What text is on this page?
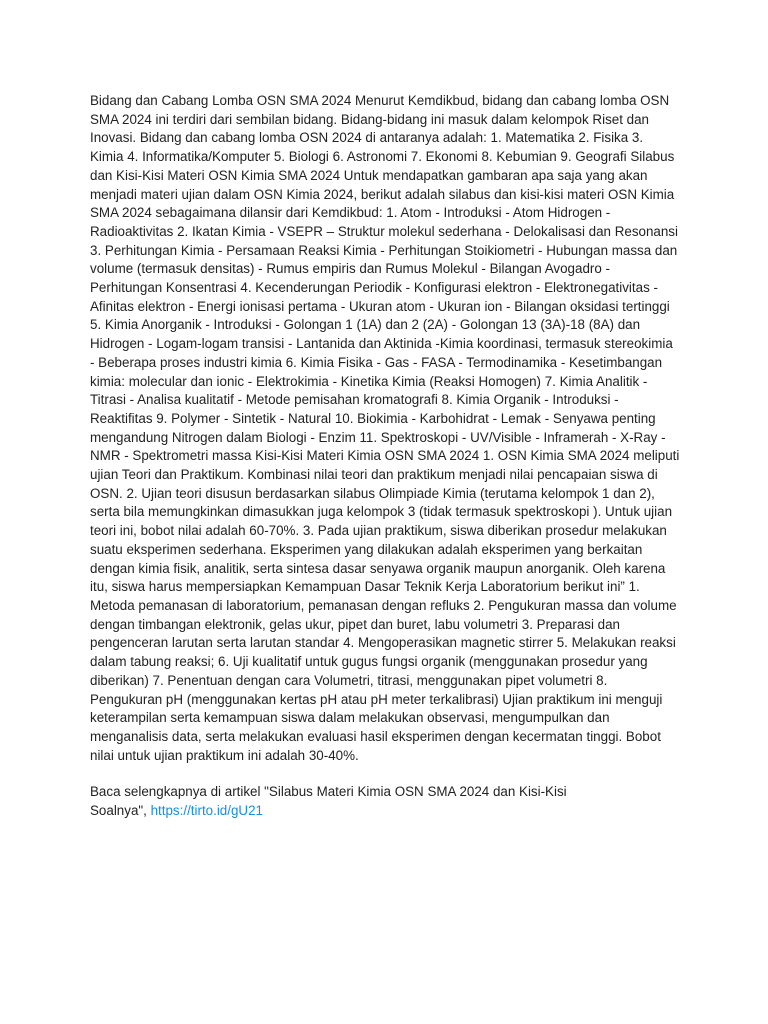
Bidang dan Cabang Lomba OSN SMA 2024 Menurut Kemdikbud, bidang dan cabang lomba OSN SMA 2024 ini terdiri dari sembilan bidang. Bidang-bidang ini masuk dalam kelompok Riset dan Inovasi. Bidang dan cabang lomba OSN 2024 di antaranya adalah: 1. Matematika 2. Fisika 3. Kimia 4. Informatika/Komputer 5. Biologi 6. Astronomi 7. Ekonomi 8. Kebumian 9. Geografi Silabus dan Kisi-Kisi Materi OSN Kimia SMA 2024 Untuk mendapatkan gambaran apa saja yang akan menjadi materi ujian dalam OSN Kimia 2024, berikut adalah silabus dan kisi-kisi materi OSN Kimia SMA 2024 sebagaimana dilansir dari Kemdikbud: 1. Atom - Introduksi - Atom Hidrogen - Radioaktivitas 2. Ikatan Kimia - VSEPR – Struktur molekul sederhana - Delokalisasi dan Resonansi 3. Perhitungan Kimia - Persamaan Reaksi Kimia - Perhitungan Stoikiometri - Hubungan massa dan volume (termasuk densitas) - Rumus empiris dan Rumus Molekul - Bilangan Avogadro - Perhitungan Konsentrasi 4. Kecenderungan Periodik - Konfigurasi elektron - Elektronegativitas - Afinitas elektron - Energi ionisasi pertama - Ukuran atom - Ukuran ion - Bilangan oksidasi tertinggi 5. Kimia Anorganik - Introduksi - Golongan 1 (1A) dan 2 (2A) - Golongan 13 (3A)-18 (8A) dan Hidrogen - Logam-logam transisi - Lantanida dan Aktinida -Kimia koordinasi, termasuk stereokimia - Beberapa proses industri kimia 6. Kimia Fisika - Gas - FASA - Termodinamika - Kesetimbangan kimia: molecular dan ionic - Elektrokimia - Kinetika Kimia (Reaksi Homogen) 7. Kimia Analitik - Titrasi - Analisa kualitatif - Metode pemisahan kromatografi 8. Kimia Organik - Introduksi - Reaktifitas 9. Polymer - Sintetik - Natural 10. Biokimia - Karbohidrat - Lemak - Senyawa penting mengandung Nitrogen dalam Biologi - Enzim 11. Spektroskopi - UV/Visible - Inframerah - X-Ray - NMR - Spektrometri massa Kisi-Kisi Materi Kimia OSN SMA 2024 1. OSN Kimia SMA 2024 meliputi ujian Teori dan Praktikum. Kombinasi nilai teori dan praktikum menjadi nilai pencapaian siswa di OSN. 2. Ujian teori disusun berdasarkan silabus Olimpiade Kimia (terutama kelompok 1 dan 2), serta bila memungkinkan dimasukkan juga kelompok 3 (tidak termasuk spektroskopi ). Untuk ujian teori ini, bobot nilai adalah 60-70%. 3. Pada ujian praktikum, siswa diberikan prosedur melakukan suatu eksperimen sederhana. Eksperimen yang dilakukan adalah eksperimen yang berkaitan dengan kimia fisik, analitik, serta sintesa dasar senyawa organik maupun anorganik. Oleh karena itu, siswa harus mempersiapkan Kemampuan Dasar Teknik Kerja Laboratorium berikut ini” 1. Metoda pemanasan di laboratorium, pemanasan dengan refluks 2. Pengukuran massa dan volume dengan timbangan elektronik, gelas ukur, pipet dan buret, labu volumetri 3. Preparasi dan pengenceran larutan serta larutan standar 4. Mengoperasikan magnetic stirrer 5. Melakukan reaksi dalam tabung reaksi; 6. Uji kualitatif untuk gugus fungsi organik (menggunakan prosedur yang diberikan) 7. Penentuan dengan cara Volumetri, titrasi, menggunakan pipet volumetri 8. Pengukuran pH (menggunakan kertas pH atau pH meter terkalibrasi) Ujian praktikum ini menguji keterampilan serta kemampuan siswa dalam melakukan observasi, mengumpulkan dan menganalisis data, serta melakukan evaluasi hasil eksperimen dengan kecermatan tinggi. Bobot nilai untuk ujian praktikum ini adalah 30-40%.

Baca selengkapnya di artikel "Silabus Materi Kimia OSN SMA 2024 dan Kisi-Kisi Soalnya", https://tirto.id/gU21
